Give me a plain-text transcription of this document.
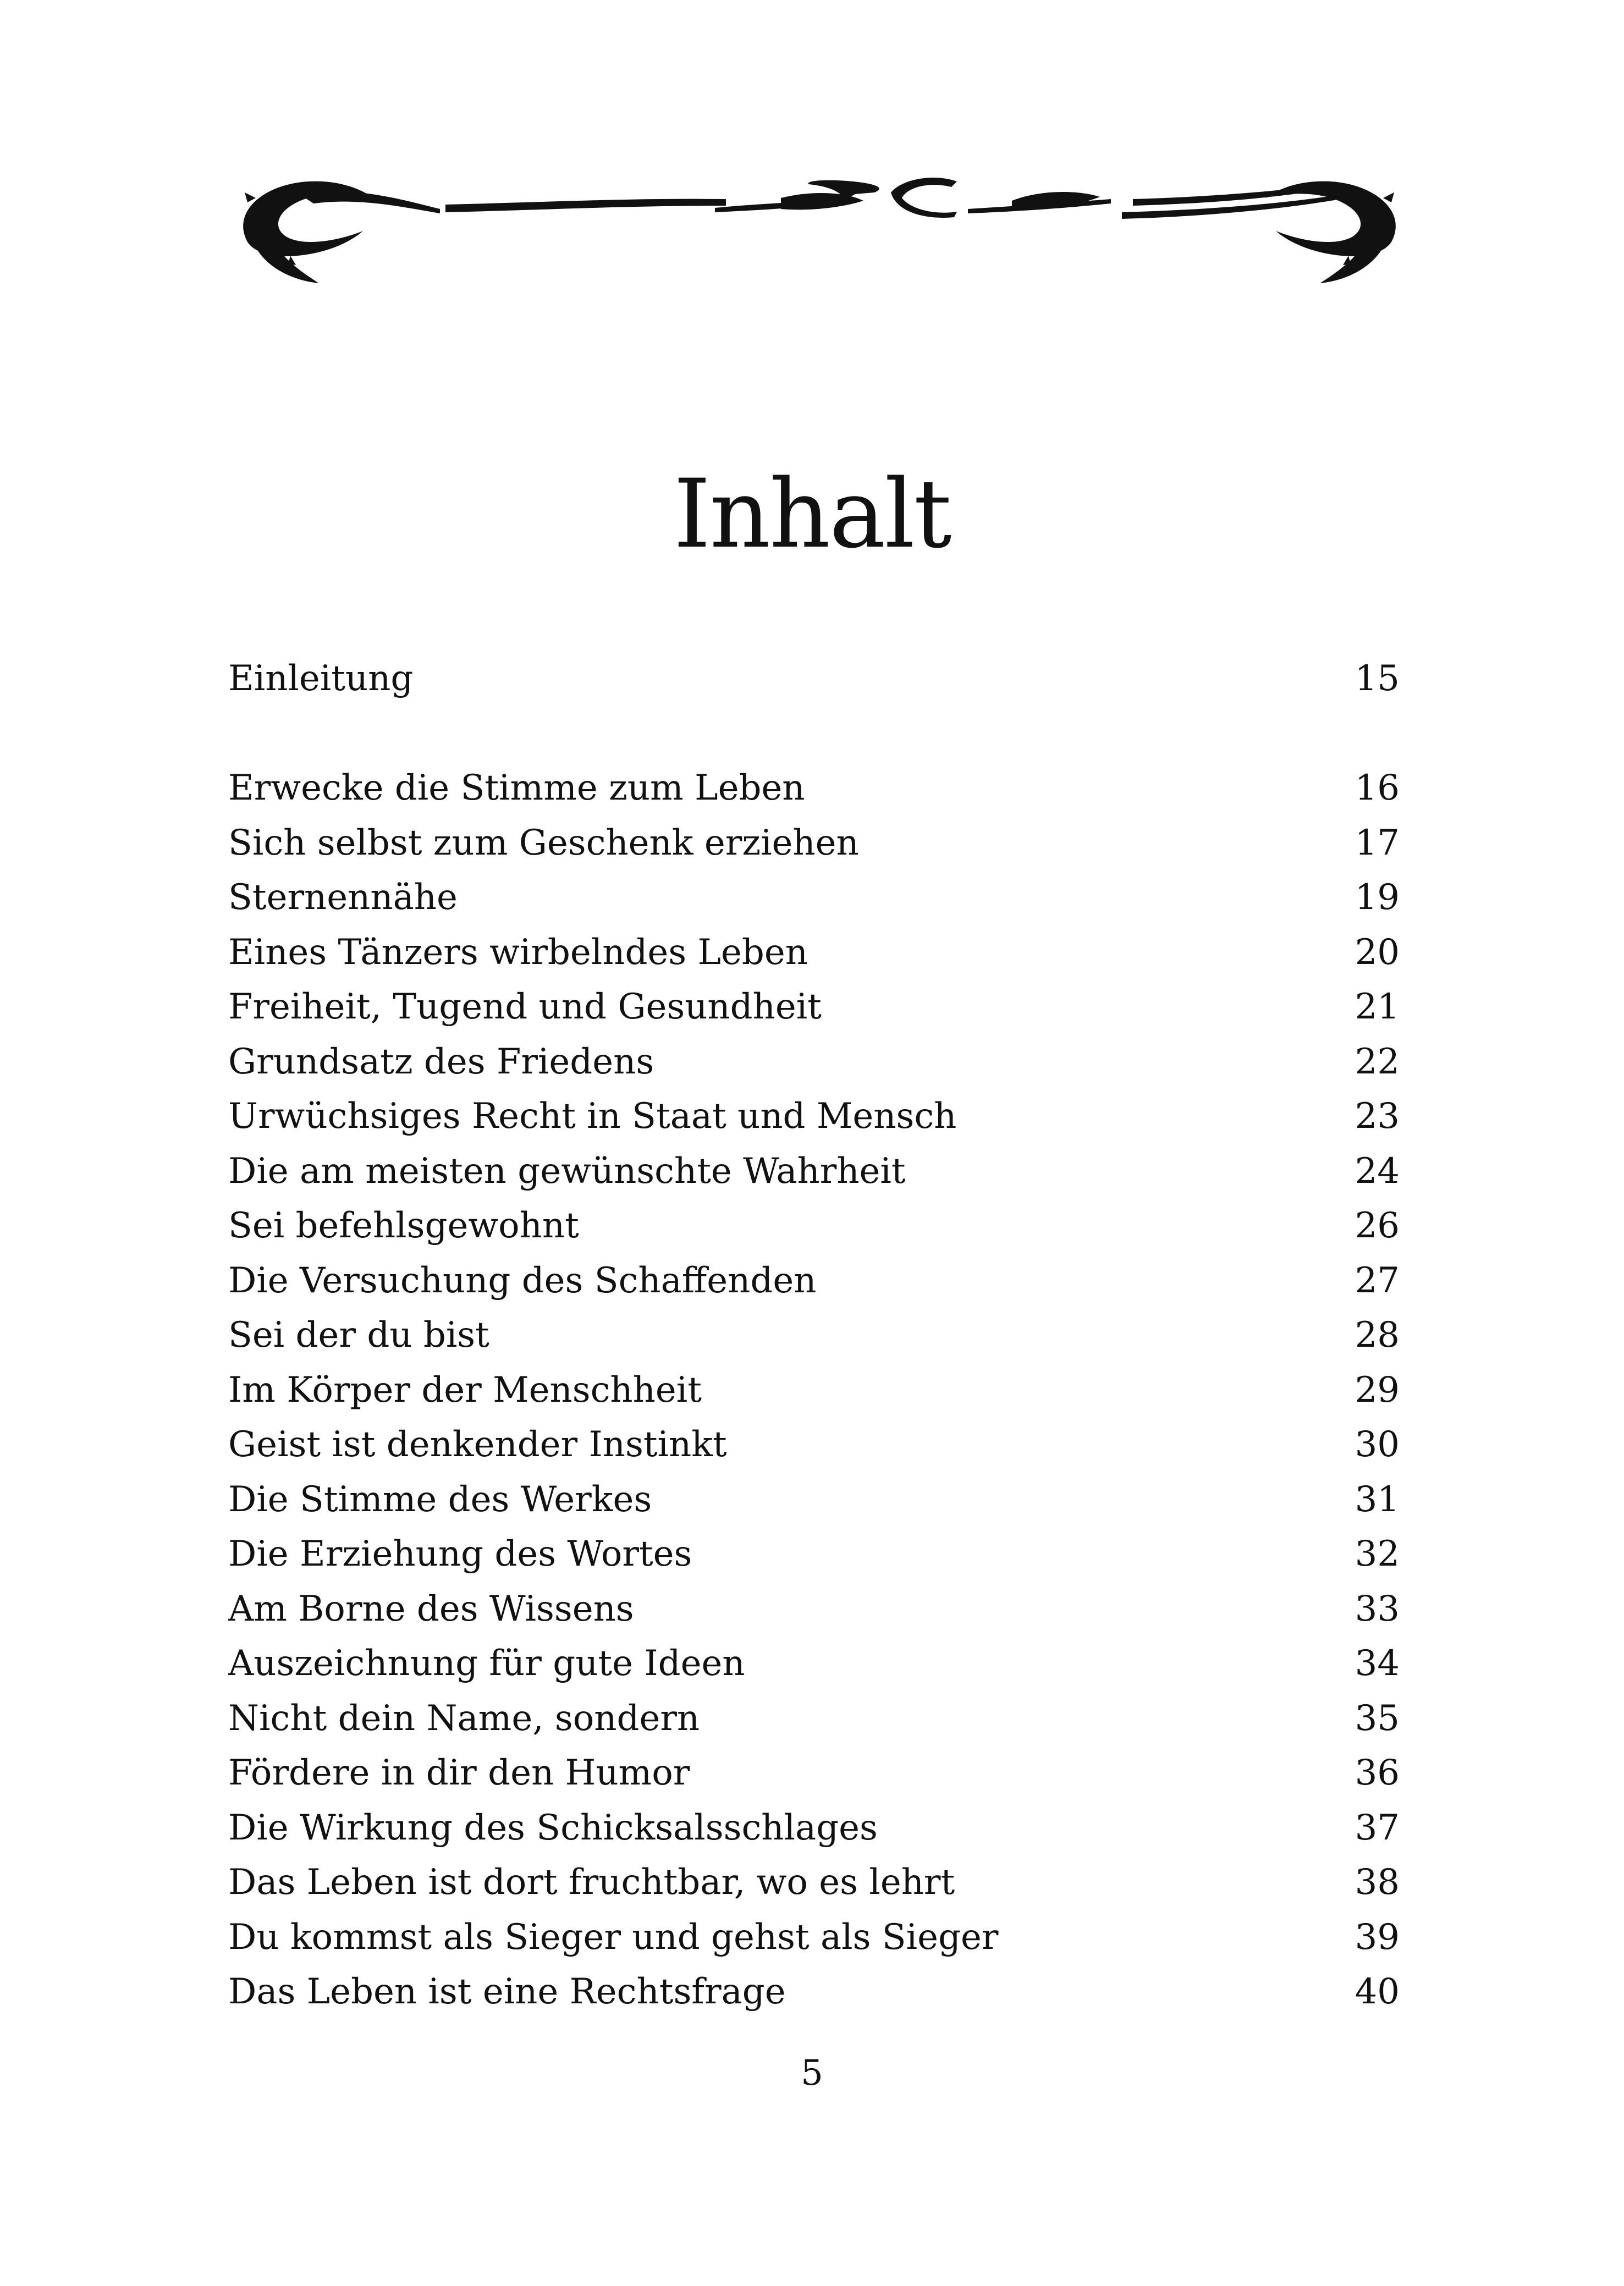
Inhalt
Einleitung	15
Erwecke die Stimme zum Leben	16
Sich selbst zum Geschenk erziehen	17
Sternennähe	19
Eines Tänzers wirbelndes Leben	20
Freiheit, Tugend und Gesundheit	21
Grundsatz des Friedens	22
Urwüchsiges Recht in Staat und Mensch	23
Die am meisten gewünschte Wahrheit	24
Sei befehlsgewohnt	26
Die Versuchung des Schaffenden	27
Sei der du bist	28
Im Körper der Menschheit	29
Geist ist denkender Instinkt	30
Die Stimme des Werkes	31
Die Erziehung des Wortes	32
Am Borne des Wissens	33
Auszeichnung für gute Ideen	34
Nicht dein Name, sondern	35
Fördere in dir den Humor	36
Die Wirkung des Schicksalsschlages	37
Das Leben ist dort fruchtbar, wo es lehrt	38
Du kommst als Sieger und gehst als Sieger	39
Das Leben ist eine Rechtsfrage	40
5
